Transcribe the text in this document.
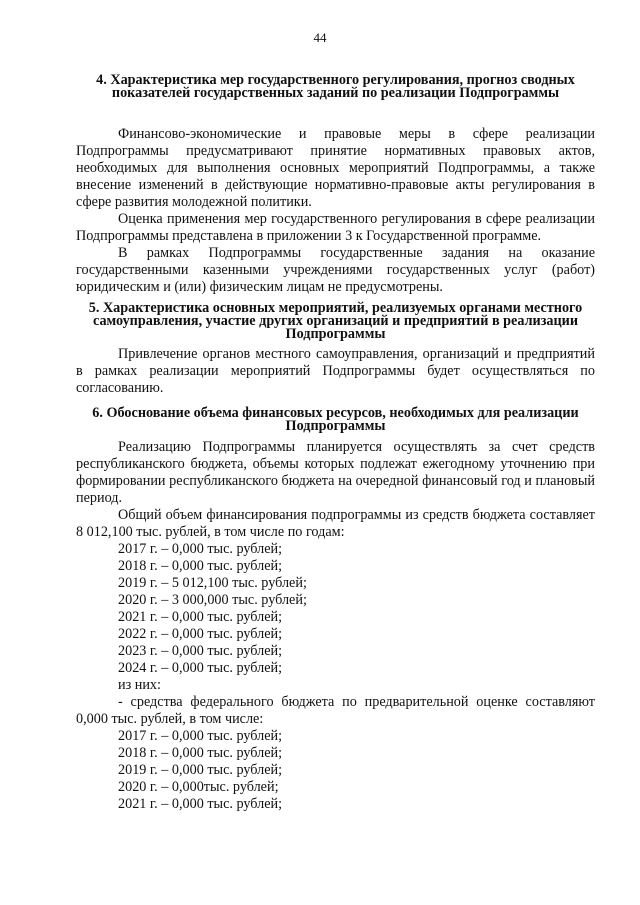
44
4. Характеристика мер государственного регулирования, прогноз сводных показателей государственных заданий по реализации Подпрограммы

Финансово-экономические и правовые меры в сфере реализации Подпрограммы предусматривают принятие нормативных правовых актов, необходимых для выполнения основных мероприятий Подпрограммы, а также внесение изменений в действующие нормативно-правовые акты регулирования в сфере развития молодежной политики.

Оценка применения мер государственного регулирования в сфере реализации Подпрограммы представлена в приложении 3 к Государственной программе.

В рамках Подпрограммы государственные задания на оказание государственными казенными учреждениями государственных услуг (работ) юридическим и (или) физическим лицам не предусмотрены.

5. Характеристика основных мероприятий, реализуемых органами местного самоуправления, участие других организаций и предприятий в реализации Подпрограммы

Привлечение органов местного самоуправления, организаций и предприятий в рамках реализации мероприятий Подпрограммы будет осуществляться по согласованию.

6. Обоснование объема финансовых ресурсов, необходимых для реализации Подпрограммы

Реализацию Подпрограммы планируется осуществлять за счет средств республиканского бюджета, объемы которых подлежат ежегодному уточнению при формировании республиканского бюджета на очередной финансовый год и плановый период.

Общий объем финансирования подпрограммы из средств бюджета составляет 8 012,100 тыс. рублей, в том числе по годам:

2017 г. – 0,000 тыс. рублей;
2018 г. – 0,000 тыс. рублей;
2019 г. – 5 012,100 тыс. рублей;
2020 г. – 3 000,000 тыс. рублей;
2021 г. – 0,000 тыс. рублей;
2022 г. – 0,000 тыс. рублей;
2023 г. – 0,000 тыс. рублей;
2024 г. – 0,000 тыс. рублей;
из них:

- средства федерального бюджета по предварительной оценке составляют 0,000 тыс. рублей, в том числе:

2017 г. – 0,000 тыс. рублей;
2018 г. – 0,000 тыс. рублей;
2019 г. – 0,000 тыс. рублей;
2020 г. – 0,000тыс. рублей;
2021 г. – 0,000 тыс. рублей;
